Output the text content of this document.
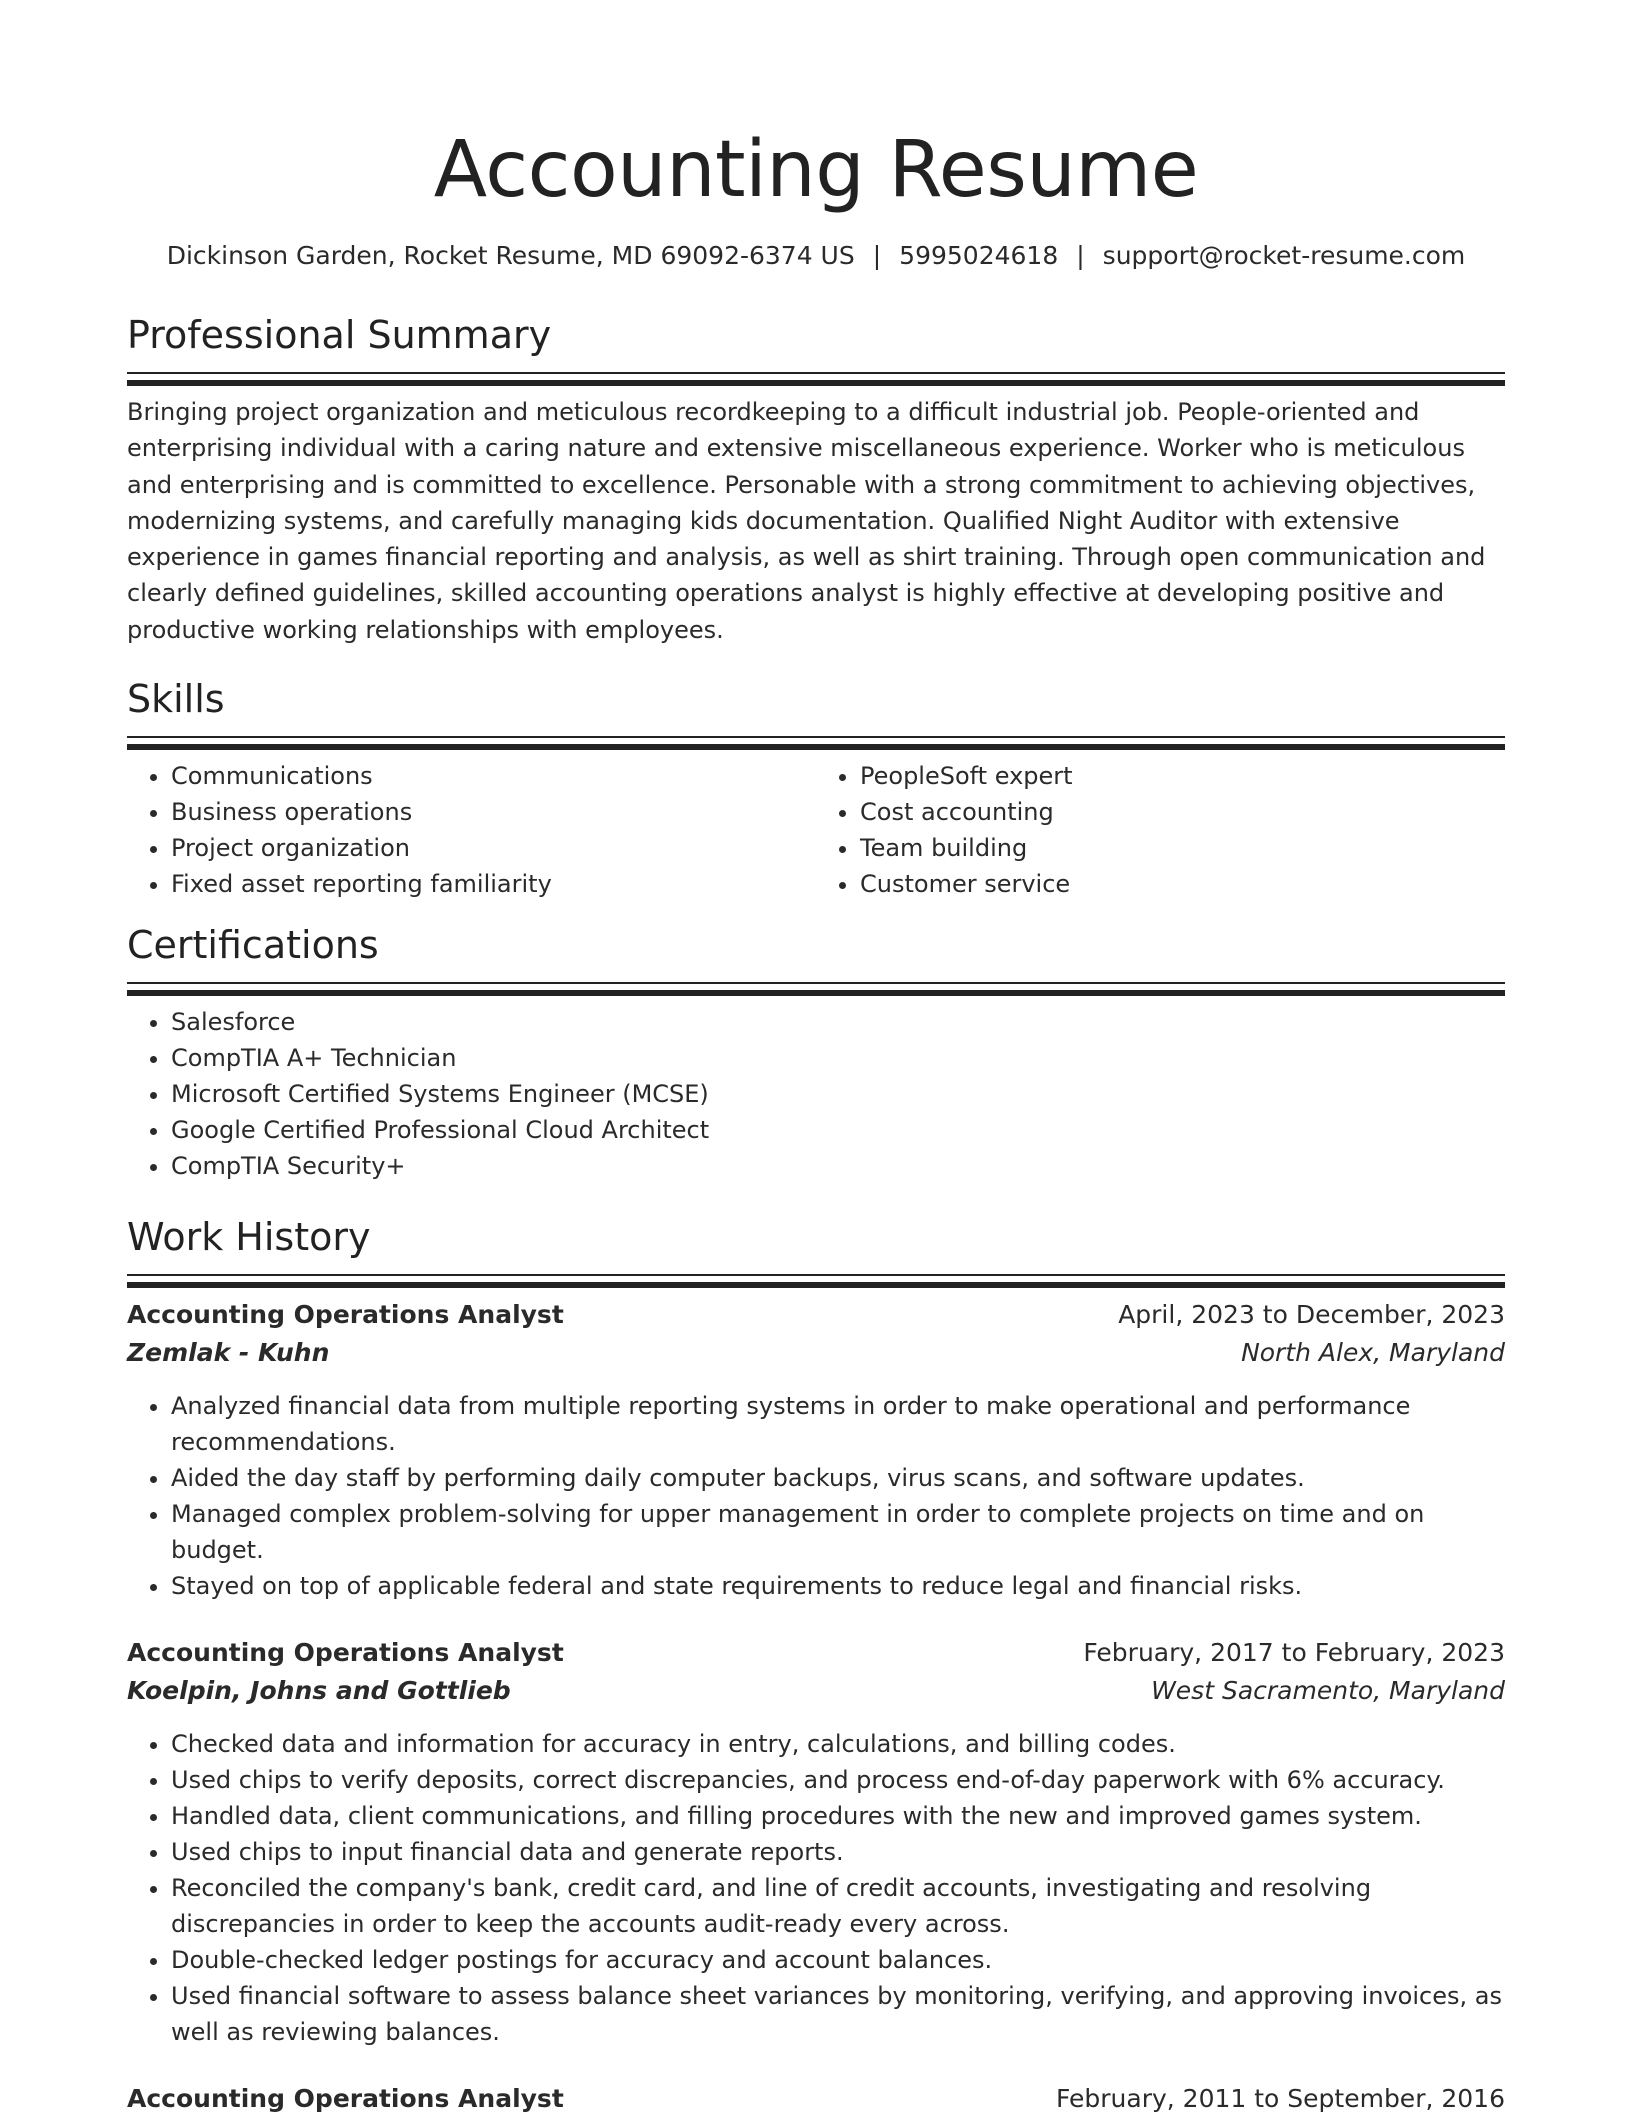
Accounting Resume
Dickinson Garden, Rocket Resume, MD 69092-6374 US | 5995024618 | support@rocket-resume.com
Professional Summary

Bringing project organization and meticulous recordkeeping to a difficult industrial job. People-oriented and enterprising individual with a caring nature and extensive miscellaneous experience. Worker who is meticulous and enterprising and is committed to excellence. Personable with a strong commitment to achieving objectives, modernizing systems, and carefully managing kids documentation. Qualified Night Auditor with extensive experience in games financial reporting and analysis, as well as shirt training. Through open communication and clearly defined guidelines, skilled accounting operations analyst is highly effective at developing positive and productive working relationships with employees.

Skills
• Communications
• Business operations
• Project organization
• Fixed asset reporting familiarity
• PeopleSoft expert
• Cost accounting
• Team building
• Customer service
Certifications
• Salesforce
• CompTIA A+ Technician
• Microsoft Certified Systems Engineer (MCSE)
• Google Certified Professional Cloud Architect
• CompTIA Security+
Work History
Accounting Operations Analyst	April, 2023 to December, 2023
Zemlak - Kuhn	North Alex, Maryland
• Analyzed financial data from multiple reporting systems in order to make operational and performance recommendations.
• Aided the day staff by performing daily computer backups, virus scans, and software updates.
• Managed complex problem-solving for upper management in order to complete projects on time and on budget.
• Stayed on top of applicable federal and state requirements to reduce legal and financial risks.
Accounting Operations Analyst	February, 2017 to February, 2023
Koelpin, Johns and Gottlieb	West Sacramento, Maryland
• Checked data and information for accuracy in entry, calculations, and billing codes.
• Used chips to verify deposits, correct discrepancies, and process end-of-day paperwork with 6% accuracy.
• Handled data, client communications, and filling procedures with the new and improved games system.
• Used chips to input financial data and generate reports.
• Reconciled the company's bank, credit card, and line of credit accounts, investigating and resolving discrepancies in order to keep the accounts audit-ready every across.
• Double-checked ledger postings for accuracy and account balances.
• Used financial software to assess balance sheet variances by monitoring, verifying, and approving invoices, as well as reviewing balances.
Accounting Operations Analyst	February, 2011 to September, 2016
